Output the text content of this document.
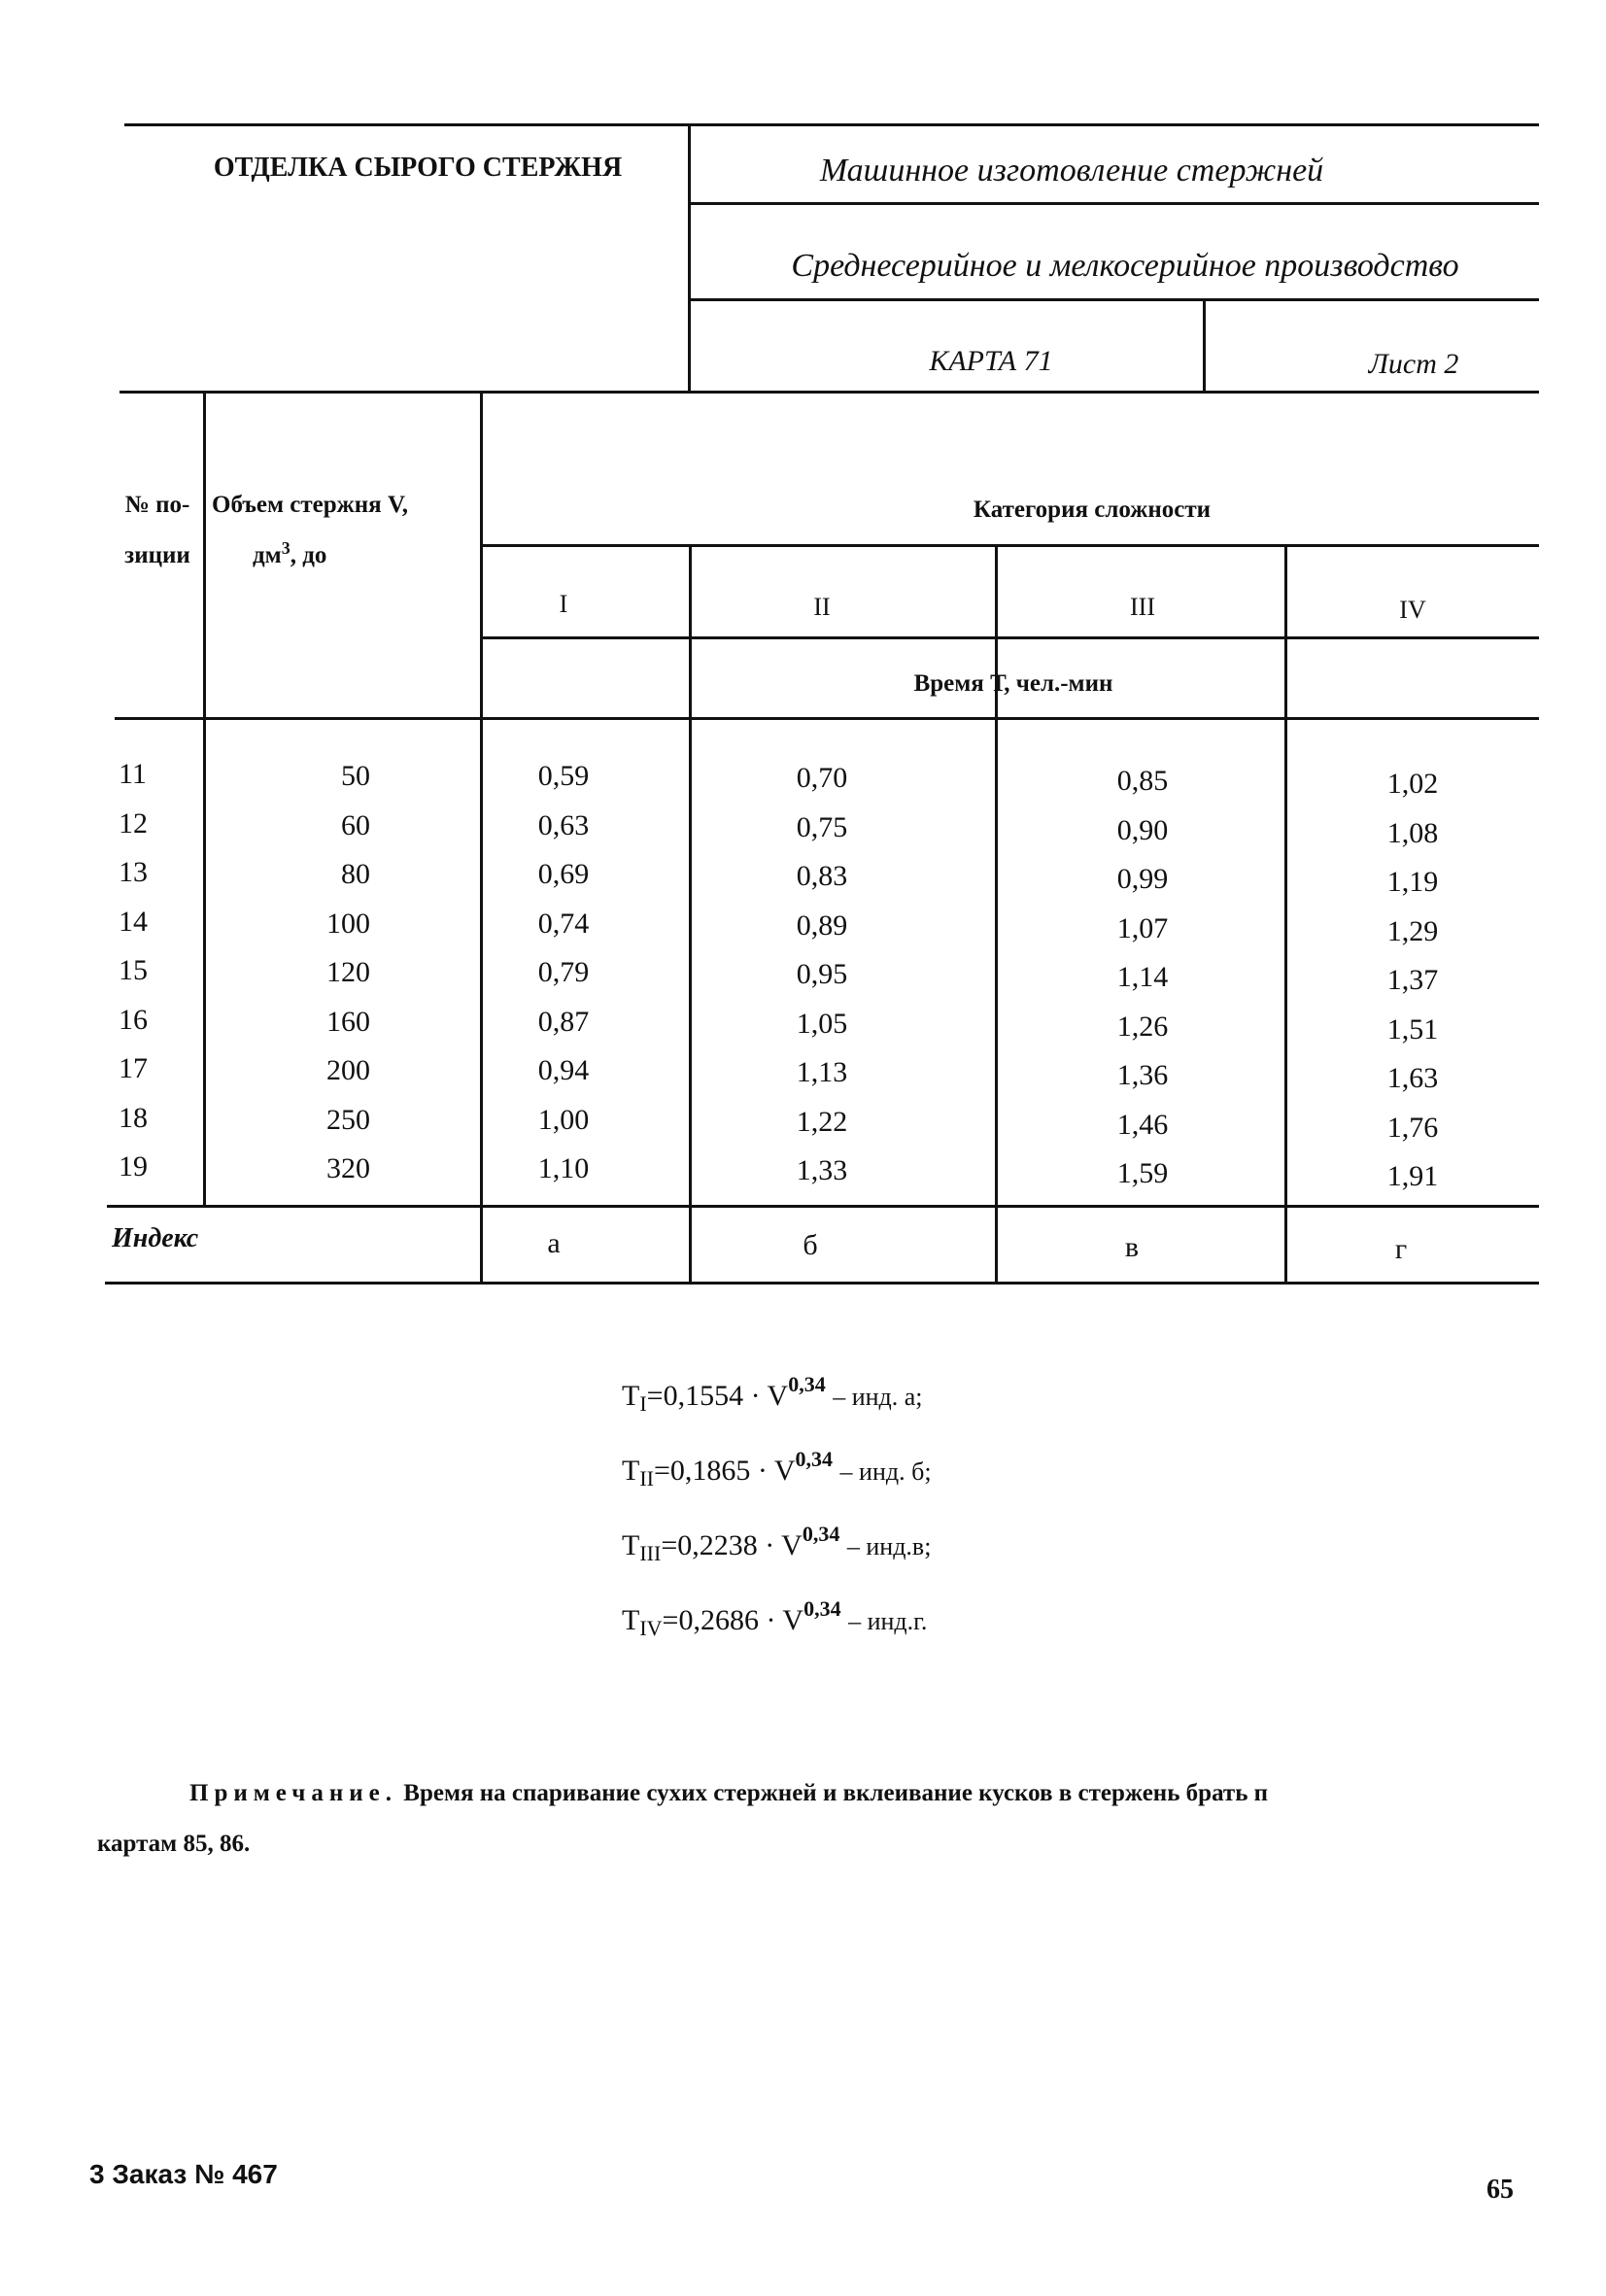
ОТДЕЛКА СЫРОГО СТЕРЖНЯ	Машинное изготовление стержней
Среднесерийное и мелкосерийное производство
КАРТА 71	Лист 2
№ по-
зиции
Объем стержня V,
$дм^3$, до
Категория сложности
I	II	III	IV
Время Т, чел.-мин
11	50	0,59	0,70	0,85	1,02
12	60	0,63	0,75	0,90	1,08
13	80	0,69	0,83	0,99	1,19
14	100	0,74	0,89	1,07	1,29
15	120	0,79	0,95	1,14	1,37
16	160	0,87	1,05	1,26	1,51
17	200	0,94	1,13	1,36	1,63
18	250	1,00	1,22	1,46	1,76
19	320	1,10	1,33	1,59	1,91
Индекс	а	б	в	г
$T_I=0,1554 \cdot V^{0,34}$ – инд. а;
$T_{II}=0,1865 \cdot V^{0,34}$ – инд. б;
$T_{III}=0,2238 \cdot V^{0,34} - инд.в$;
$T_{IV}=0,2686 \cdot V^{0,34} - инд.г$.
Примечание. Время на спаривание сухих стержней и вклеивание кусков в стержень брать п
картам 85, 86.
3 Заказ № 467
65
